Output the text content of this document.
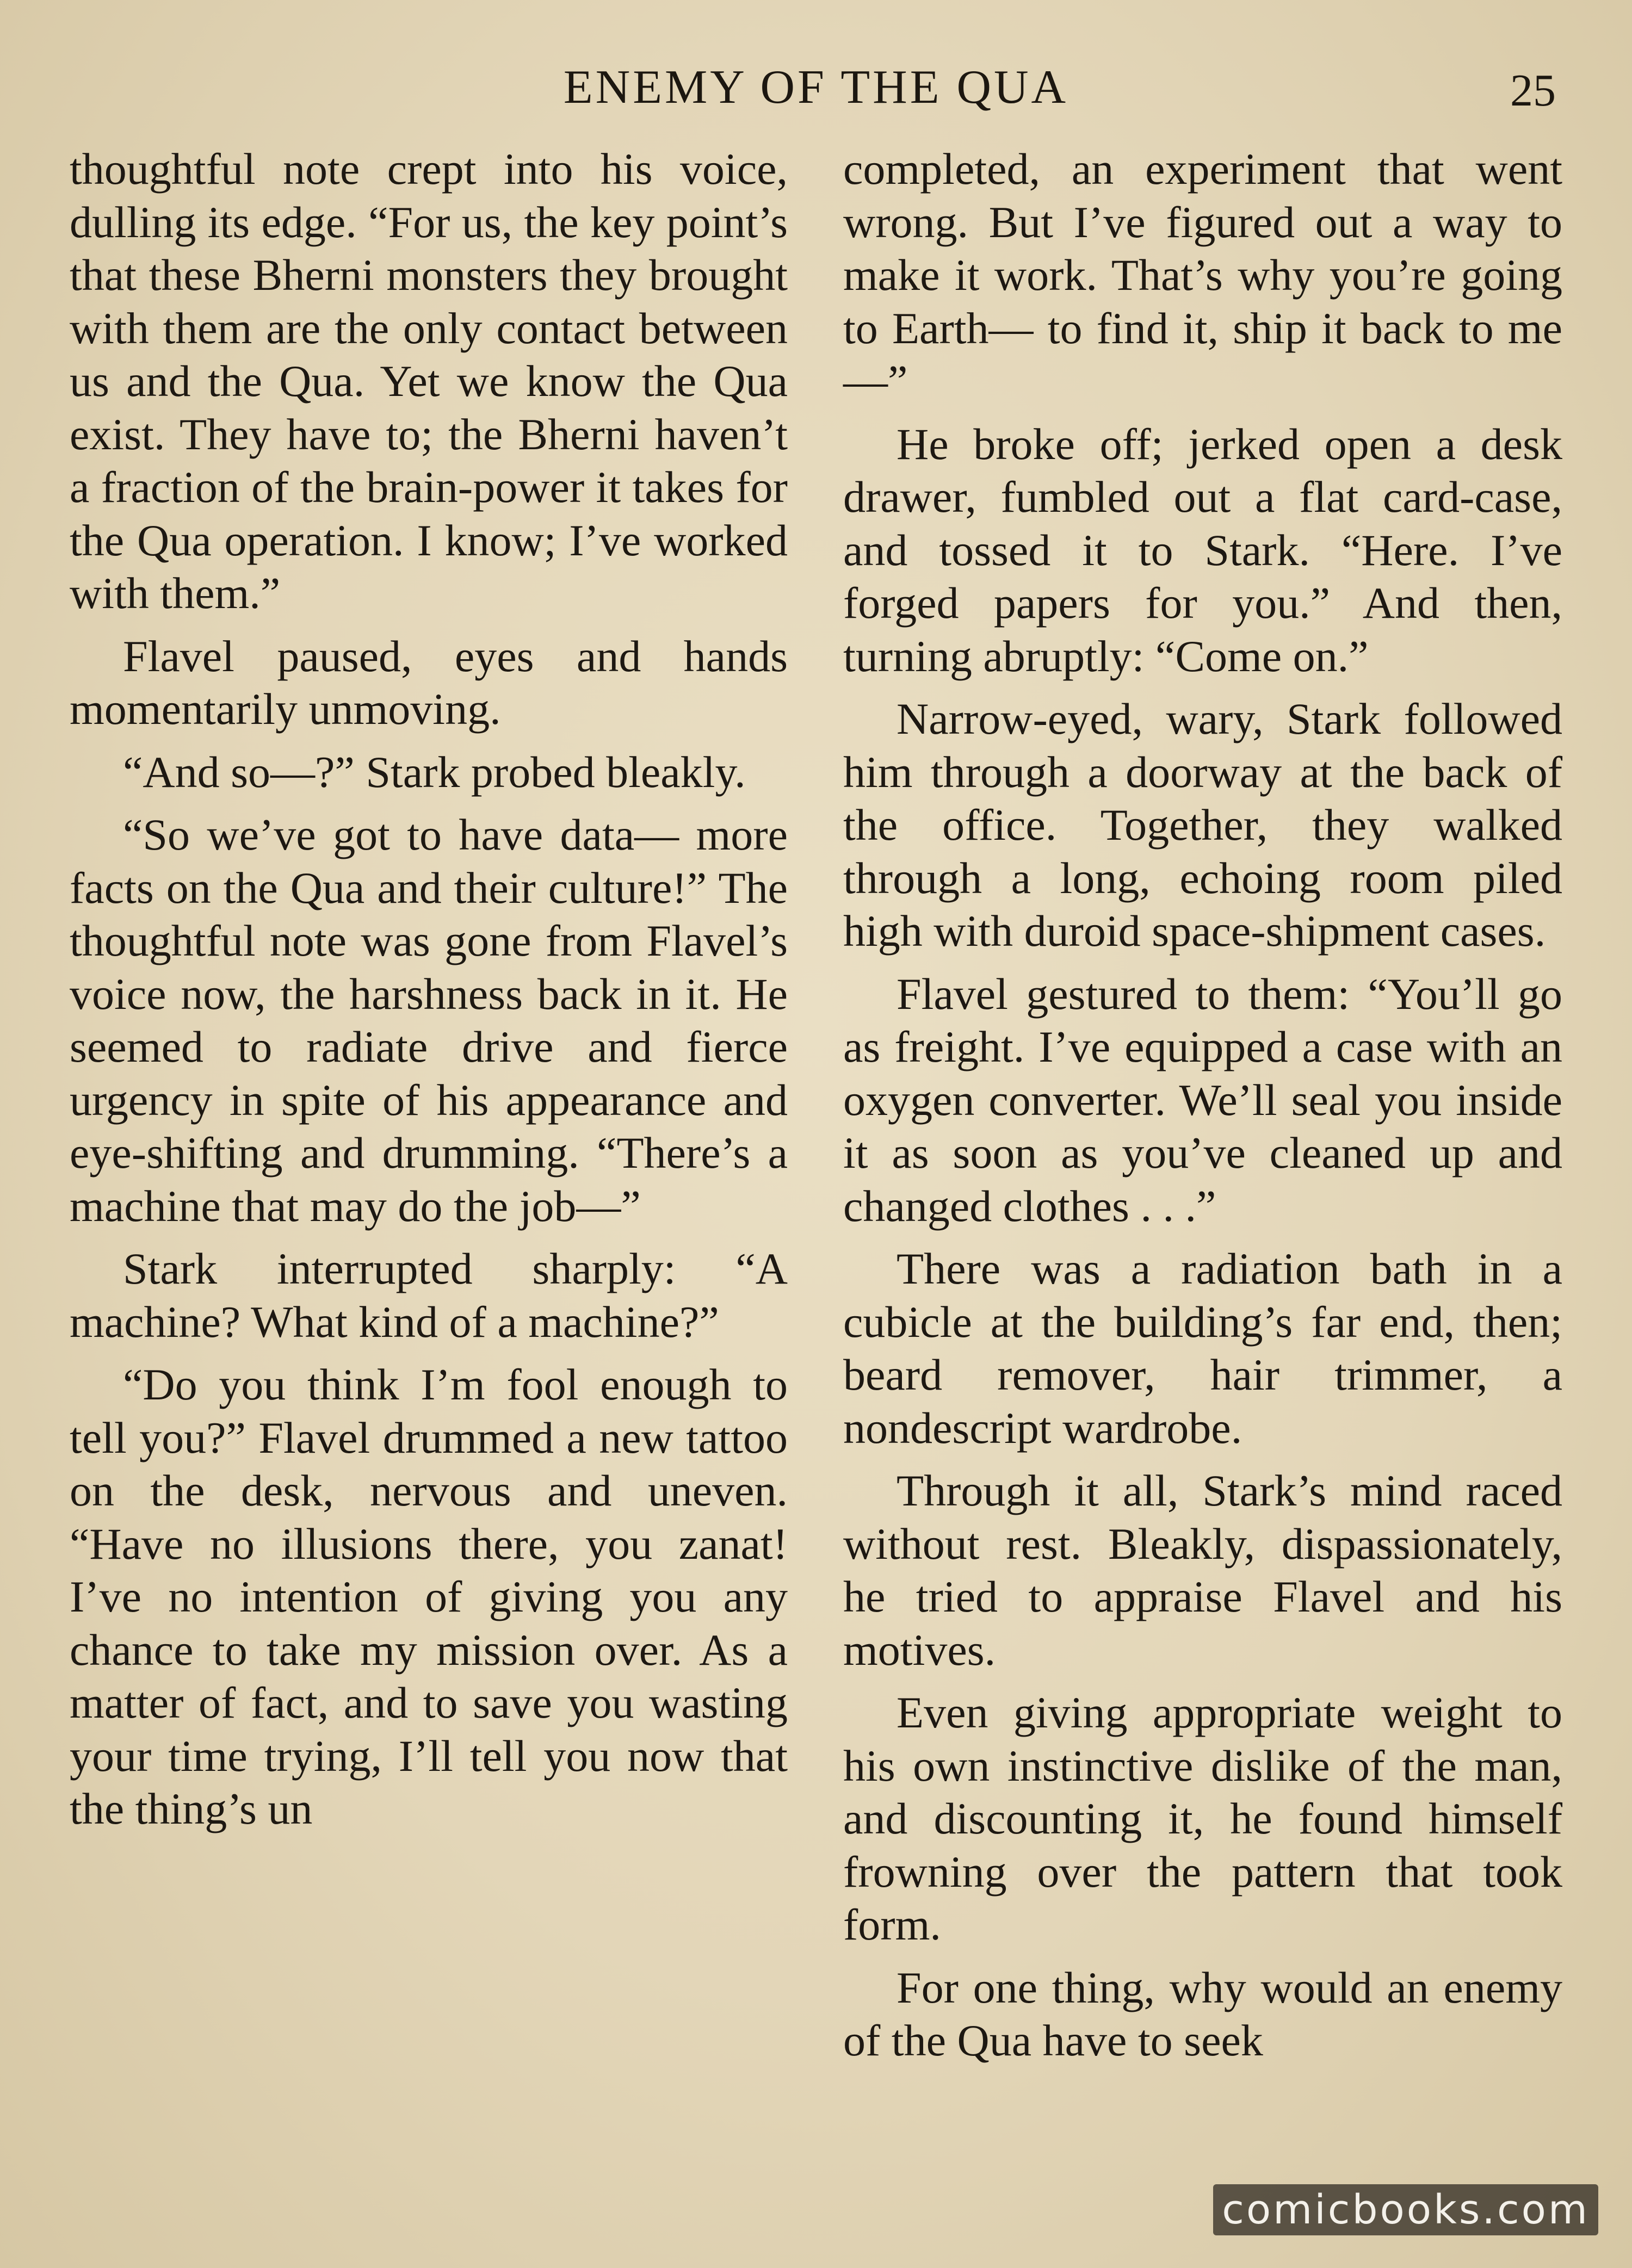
ENEMY OF THE QUA	25

thoughtful note crept into his voice, dulling its edge. “For us, the key point’s that these Bherni monsters they brought with them are the only contact between us and the Qua. Yet we know the Qua exist. They have to; the Bherni haven’t a fraction of the brain-power it takes for the Qua operation. I know; I’ve worked with them.”

Flavel paused, eyes and hands momentarily unmoving.

“And so—?” Stark probed bleakly.

“So we’ve got to have data— more facts on the Qua and their culture!” The thoughtful note was gone from Flavel’s voice now, the harshness back in it. He seemed to radiate drive and fierce urgency in spite of his appearance and eye-shifting and drumming. “There’s a machine that may do the job—”

Stark interrupted sharply: “A machine? What kind of a machine?”

“Do you think I’m fool enough to tell you?” Flavel drummed a new tattoo on the desk, nervous and uneven. “Have no illusions there, you zanat! I’ve no intention of giving you any chance to take my mission over. As a matter of fact, and to save you wasting your time trying, I’ll tell you now that the thing’s un

completed, an experiment that went wrong. But I’ve figured out a way to make it work. That’s why you’re going to Earth— to find it, ship it back to me—”

He broke off; jerked open a desk drawer, fumbled out a flat card-case, and tossed it to Stark. “Here. I’ve forged papers for you.” And then, turning abruptly: “Come on.”

Narrow-eyed, wary, Stark followed him through a doorway at the back of the office. Together, they walked through a long, echoing room piled high with duroid space-shipment cases.

Flavel gestured to them: “You’ll go as freight. I’ve equipped a case with an oxygen converter. We’ll seal you inside it as soon as you’ve cleaned up and changed clothes . . .”

There was a radiation bath in a cubicle at the building’s far end, then; beard remover, hair trimmer, a nondescript wardrobe.

Through it all, Stark’s mind raced without rest. Bleakly, dispassionately, he tried to appraise Flavel and his motives.

Even giving appropriate weight to his own instinctive dislike of the man, and discounting it, he found himself frowning over the pattern that took form.

For one thing, why would an enemy of the Qua have to seek

comicbooks.com
